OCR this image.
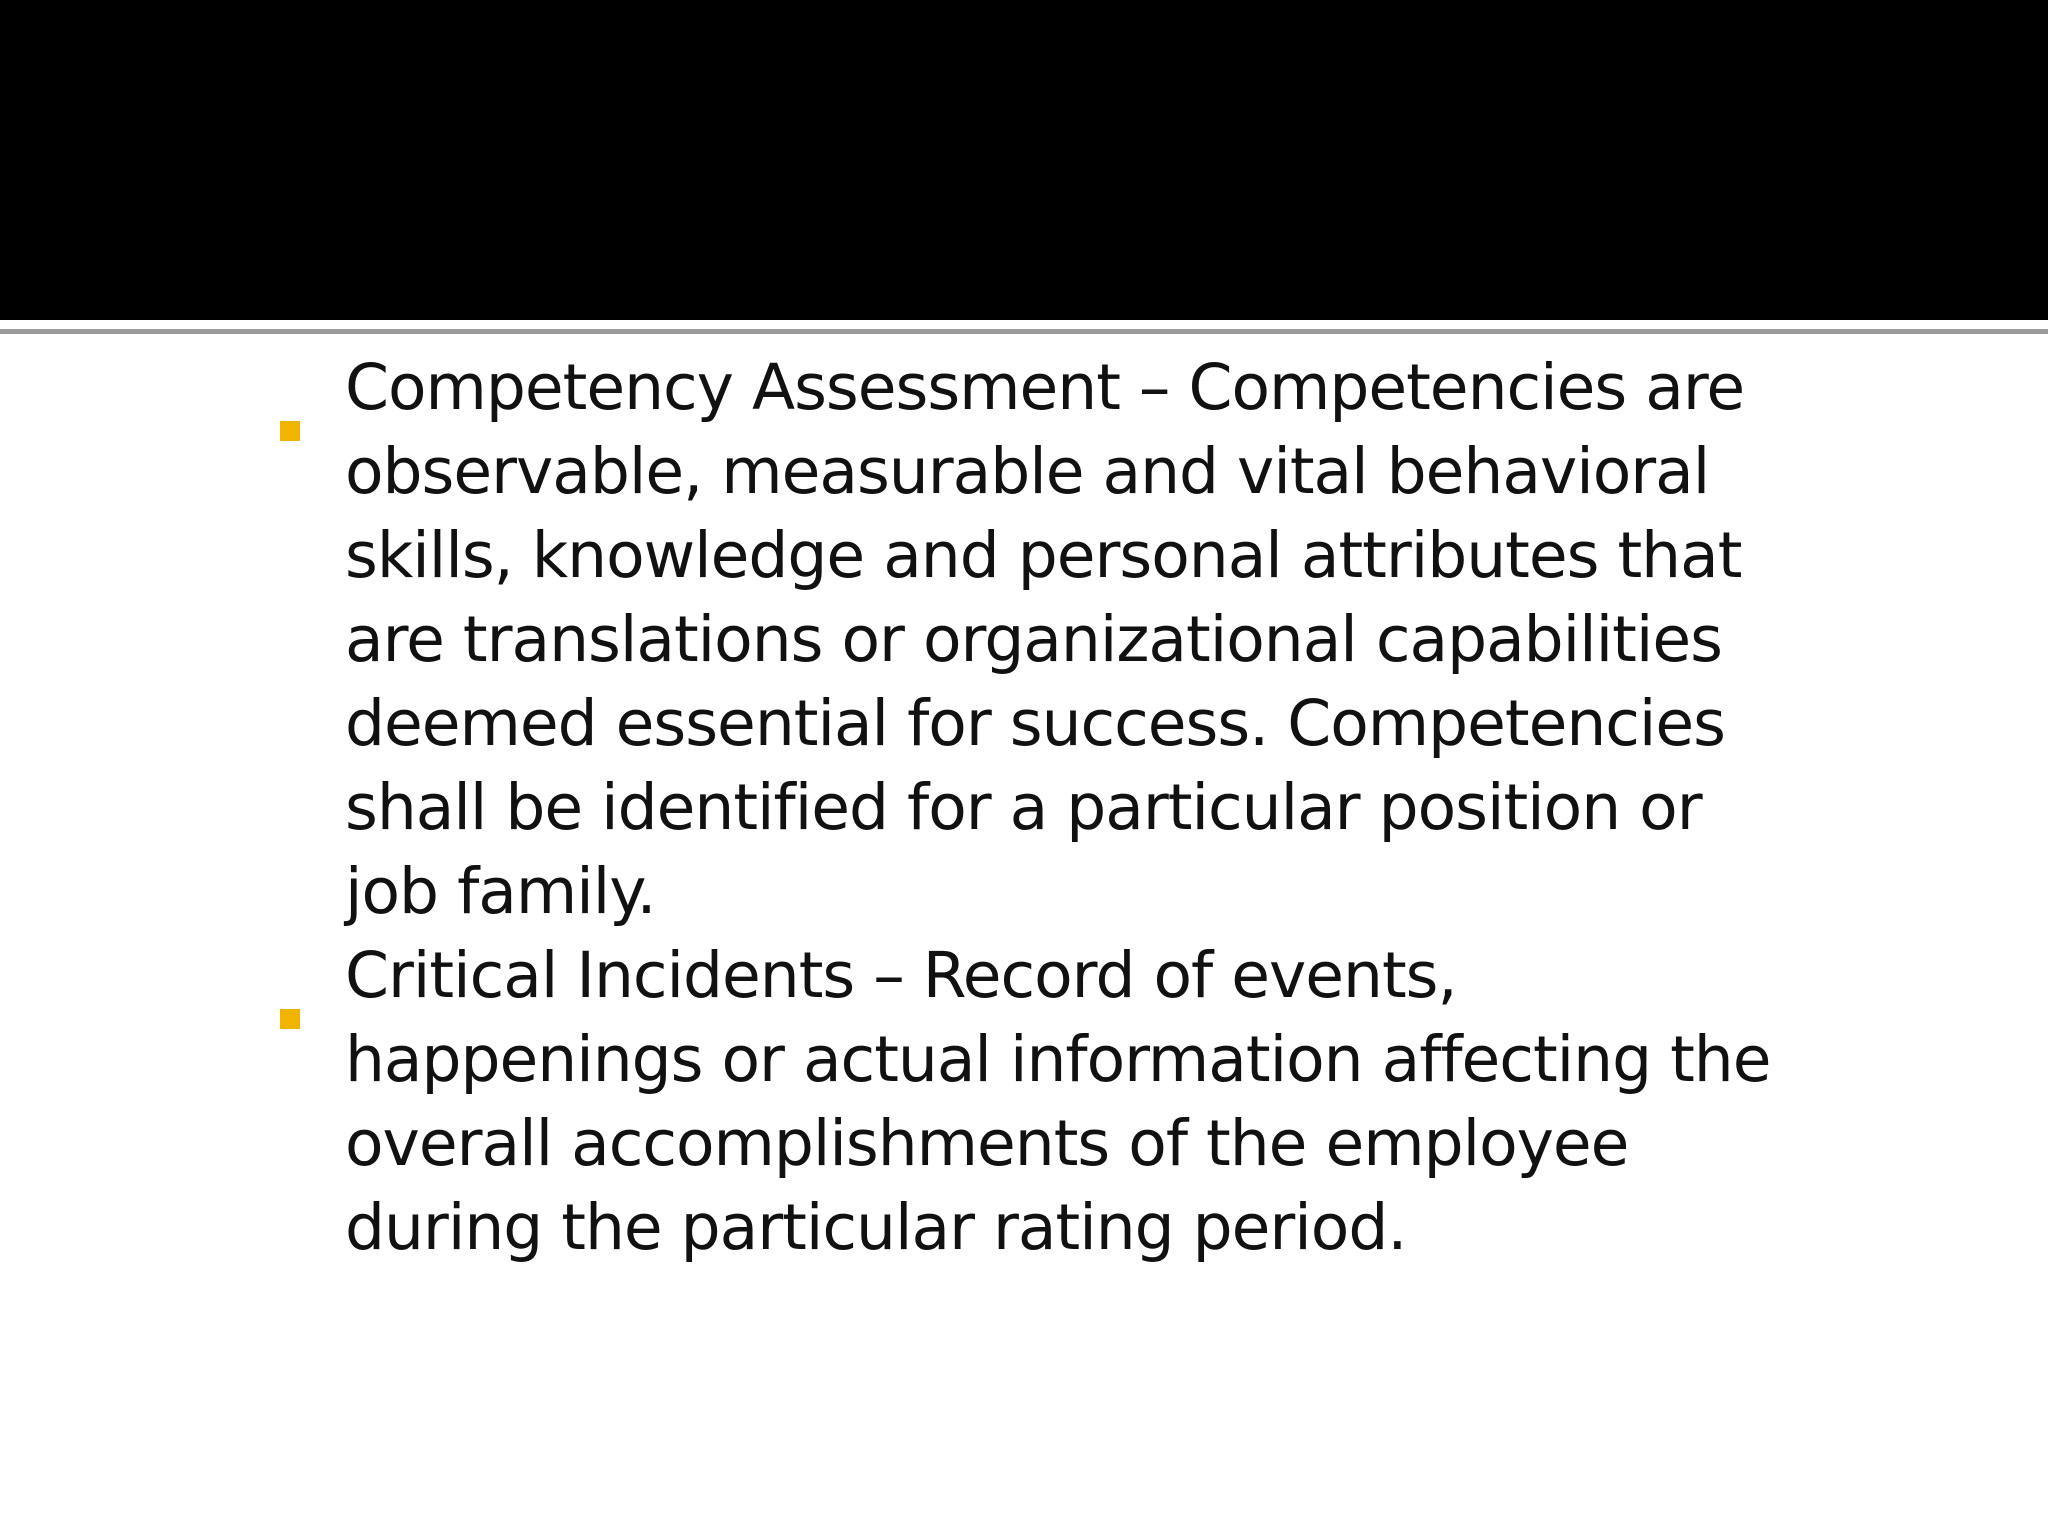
Competency Assessment – Competencies are observable, measurable and vital behavioral skills, knowledge and personal attributes that are translations or organizational capabilities deemed essential for success. Competencies shall be identified for a particular position or job family.
Critical Incidents – Record of events, happenings or actual information affecting the overall accomplishments of the employee during the particular rating period.
